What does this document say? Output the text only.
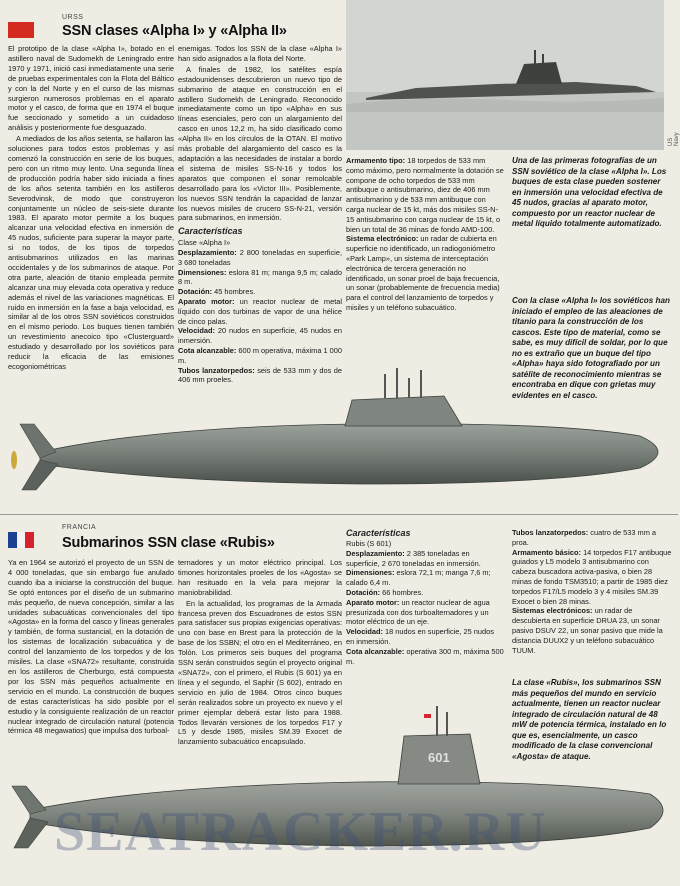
URSS
SSN clases «Alpha I» y «Alpha II»
US Navy

El prototipo de la clase «Alpha I», botado en el astillero naval de Sudomekh de Leningrado entre 1970 y 1971, inició casi inmediatamente una serie de pruebas experimentales con la Flota del Báltico y con la del Norte y en el curso de las mismas surgieron numerosos problemas en el aparato motor y el casco, de forma que en 1974 el buque fue seccionado y sometido a un cuidadoso análisis y posteriormente fue desguazado.

A mediados de los años setenta, se hallaron las soluciones para todos estos problemas y así comenzó la construcción en serie de los buques, pero con un ritmo muy lento. Una segunda línea de producción podría haber sido iniciada a fines de los años setenta también en los astilleros Severodvinsk, de modo que construyeron conjuntamente un núcleo de seis-siete durante 1983. El aparato motor permite a los buques alcanzar una velocidad efectiva en inmersión de 45 nudos, suficiente para superar la mayor parte, si no todos, de los tipos de torpedos antisubmarinos utilizados en las marinas occidentales y de los submarinos de ataque. Por otra parte, aleación de titanio empleada permite alcanzar una muy elevada cota operativa y reduce además el nivel de las variaciones magnéticas. El ruido en inmersión en la fase a baja velocidad, es similar al de los otros SSN soviéticos construidos en el mismo periodo. Los buques tienen también un revestimiento anecoico tipo «Clusterguard» estudiado y desarrollado por los soviéticos para reducir la eficacia de las emisiones ecogoniométricas

enemigas. Todos los SSN de la clase «Alpha I» han sido asignados a la flota del Norte.

A finales de 1982, los satélites espía estadounidenses descubrieron un nuevo tipo de submarino de ataque en construcción en el astillero Sudomekh de Leningrado. Reconocido inmediatamente como un tipo «Alpha» en sus líneas esenciales, pero con un alargamiento del casco en unos 12,2 m, ha sido clasificado como «Alpha II» en los círculos de la OTAN. El motivo más probable del alargamiento del casco es la adaptación a las necesidades de instalar a bordo el sistema de misiles SS-N-16 y todos los aparatos que componen el sonar remolcable desarrollado para los «Victor III». Posiblemente, los nuevos SSN tendrán la capacidad de lanzar los nuevos misiles de crucero SS-N-21, versión para submarinos, en inmersión.

Características
Clase «Alpha I»
Desplazamiento: 2 800 toneladas en superficie, 3 680 toneladas
Dimensiones: eslora 81 m; manga 9,5 m; calado 8 m.
Dotación: 45 hombres.
Aparato motor: un reactor nuclear de metal líquido con dos turbinas de vapor de una hélice de cinco palas.
Velocidad: 20 nudos en superficie, 45 nudos en inmersión.
Cota alcanzable: 600 m operativa, máxima 1 000 m.
Tubos lanzatorpedos: seis de 533 mm y dos de 406 mm proeles.
Armamento tipo: 18 torpedos de 533 mm como máximo, pero normalmente la dotación se compone de ocho torpedos de 533 mm antibuque o antisubmarino, diez de 406 mm antisubmarino y de 533 mm antibuque con carga nuclear de 15 kt, más dos misiles SS-N-15 antisubmarino con carga nuclear de 15 kt, o bien un total de 36 minas de fondo AMD-100.
Sistema electrónico: un radar de cubierta en superficie no identificado, un radiogoniómetro «Park Lamp», un sistema de interceptación electrónica de tercera generación no identificado, un sonar proel de baja frecuencia, un sonar (probablemente de frecuencia media) para el control del lanzamiento de torpedos y misiles y un teléfono subacuático.
Una de las primeras fotografías de un SSN soviético de la clase «Alpha I». Los buques de esta clase pueden sostener en inmersión una velocidad efectiva de 45 nudos, gracias al aparato motor, compuesto por un reactor nuclear de metal líquido totalmente automatizado.
Con la clase «Alpha I» los soviéticos han iniciado el empleo de las aleaciones de titanio para la construcción de los cascos. Este tipo de material, como se sabe, es muy difícil de soldar, por lo que no es extraño que un buque del tipo «Alpha» haya sido fotografiado por un satélite de reconocimiento mientras se encontraba en dique con grietas muy evidentes en el casco.
FRANCIA
Submarinos SSN clase «Rubis»

Ya en 1964 se autorizó el proyecto de un SSN de 4 000 toneladas, que sin embargo fue anulado cuando iba a iniciarse la construcción del buque. Se optó entonces por el diseño de un submarino más pequeño, de nueva concepción, similar a las unidades subacuáticas convencionales del tipo «Agosta» en la forma del casco y líneas generales y también, de forma sustancial, en la dotación de los sistemas de localización subacuática y de control del lanzamiento de los torpedos y de los misiles. La clase «SNA72» resultante, construida en los astilleros de Cherburgo, está compuesta por los SSN más pequeños actualmente en servicio en el mundo. La construcción de buques de estas características ha sido posible por el estudio y la consiguiente realización de un reactor nuclear integrado de circulación natural (potencia térmica 48 megawatios) que impulsa dos turboal-

ternadores y un motor eléctrico principal. Los timones horizontales proeles de los «Agosta» se han resituado en la vela para mejorar la maniobrabilidad.

En la actualidad, los programas de la Armada francesa preven dos Escuadrones de estos SSN para satisfacer sus propias exigencias operativas: uno con base en Brest para la protección de la base de los SSBN; el otro en el Mediterráneo, en Tolón. Los primeros seis buques del programa SSN serán construidos según el proyecto original «SNA72», con el primero, el Rubis (S 601) ya en línea y el segundo, el Saphir (S 602), entrado en servicio en julio de 1984. Otros cinco buques serán realizados sobre un proyecto ex nuevo y el primer ejemplar deberá estar listo para 1988. Todos llevarán versiones de los torpedos F17 y L5 y desde 1985, misiles SM.39 Exocet de lanzamiento subacuático encapsulado.

Características
Rubis (S 601)
Desplazamiento: 2 385 toneladas en superficie, 2 670 toneladas en inmersión.
Dimensiones: eslora 72,1 m; manga 7,6 m; calado 6,4 m.
Dotación: 66 hombres.
Aparato motor: un reactor nuclear de agua presurizada con dos turboalternadores y un motor eléctrico de un eje.
Velocidad: 18 nudos en superficie, 25 nudos en inmersión.
Cota alcanzable: operativa 300 m, máxima 500 m.
Tubos lanzatorpedos: cuatro de 533 mm a proa.
Armamento básico: 14 torpedos F17 antibuque guiados y L5 modelo 3 antisubmarino con cabeza buscadora activa-pasiva, o bien 28 minas de fondo TSM3510; a partir de 1985 diez torpedos F17/L5 modelo 3 y 4 misiles SM.39 Exocet o bien 28 minas.
Sistemas electrónicos: un radar de descubierta en superficie DRUA 23, un sonar pasivo DSUV 22, un sonar pasivo que mide la distancia DUUX2 y un teléfono subacuático TUUM.
La clase «Rubis», los submarinos SSN más pequeños del mundo en servicio actualmente, tienen un reactor nuclear integrado de circulación natural de 48 mW de potencia térmica, instalado en lo que es, esencialmente, un casco modificado de la clase convencional «Agosta» de ataque.
601
SEATRACKER.RU
